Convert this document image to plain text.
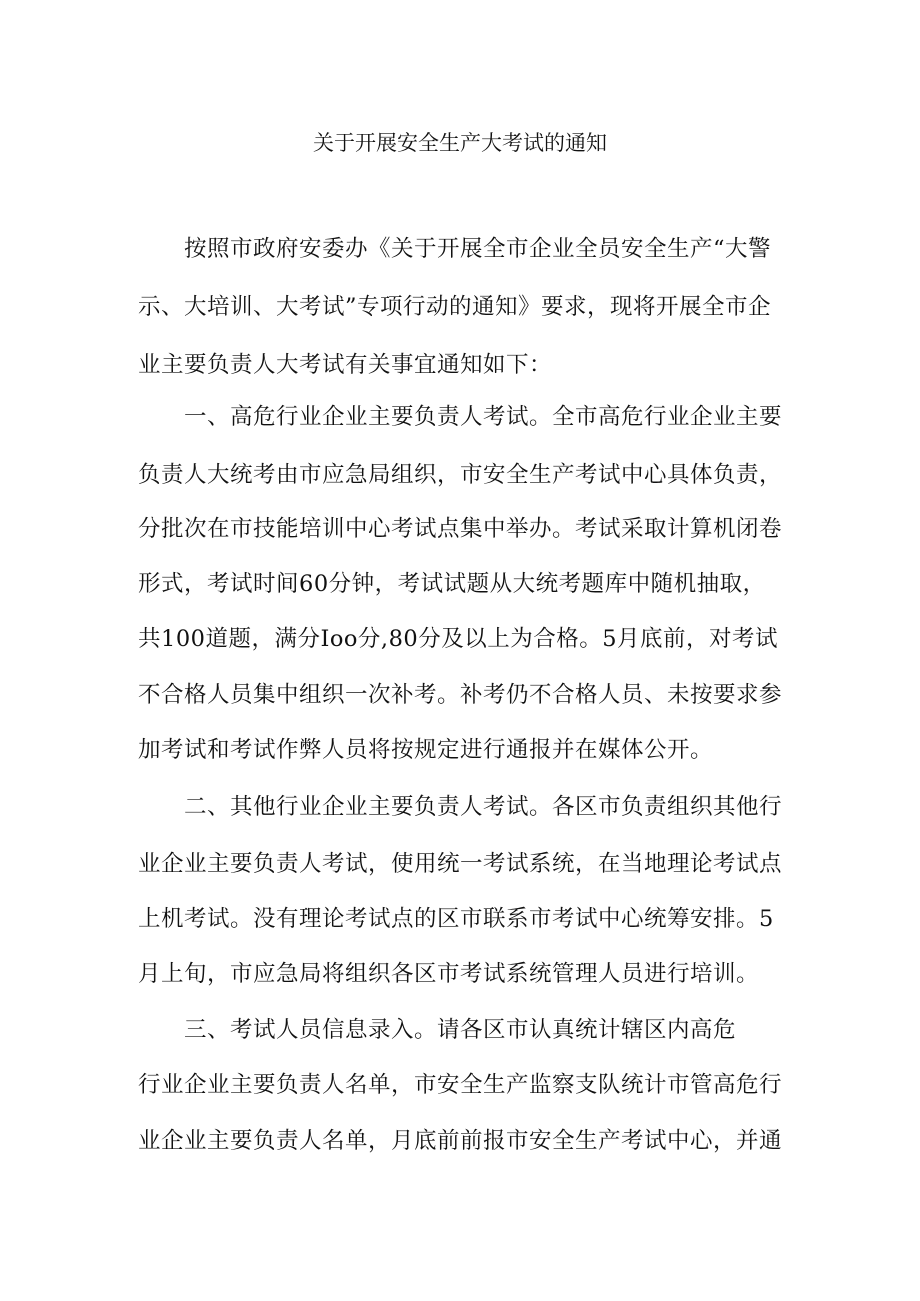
关于开展安全生产大考试的通知
按照市政府安委办《关于开展全市企业全员安全生产“大警
示、大培训、大考试”专项行动的通知》要求，现将开展全市企
业主要负责人大考试有关事宜通知如下：
一、高危行业企业主要负责人考试。全市高危行业企业主要
负责人大统考由市应急局组织，市安全生产考试中心具体负责，
分批次在市技能培训中心考试点集中举办。考试采取计算机闭卷
形式，考试时间60分钟，考试试题从大统考题库中随机抽取，
共100道题，满分Ioo分,80分及以上为合格。5月底前，对考试
不合格人员集中组织一次补考。补考仍不合格人员、未按要求参
加考试和考试作弊人员将按规定进行通报并在媒体公开。
二、其他行业企业主要负责人考试。各区市负责组织其他行
业企业主要负责人考试，使用统一考试系统，在当地理论考试点
上机考试。没有理论考试点的区市联系市考试中心统筹安排。5
月上旬，市应急局将组织各区市考试系统管理人员进行培训。
三、考试人员信息录入。请各区市认真统计辖区内高危
行业企业主要负责人名单，市安全生产监察支队统计市管高危行
业企业主要负责人名单，月底前前报市安全生产考试中心，并通
